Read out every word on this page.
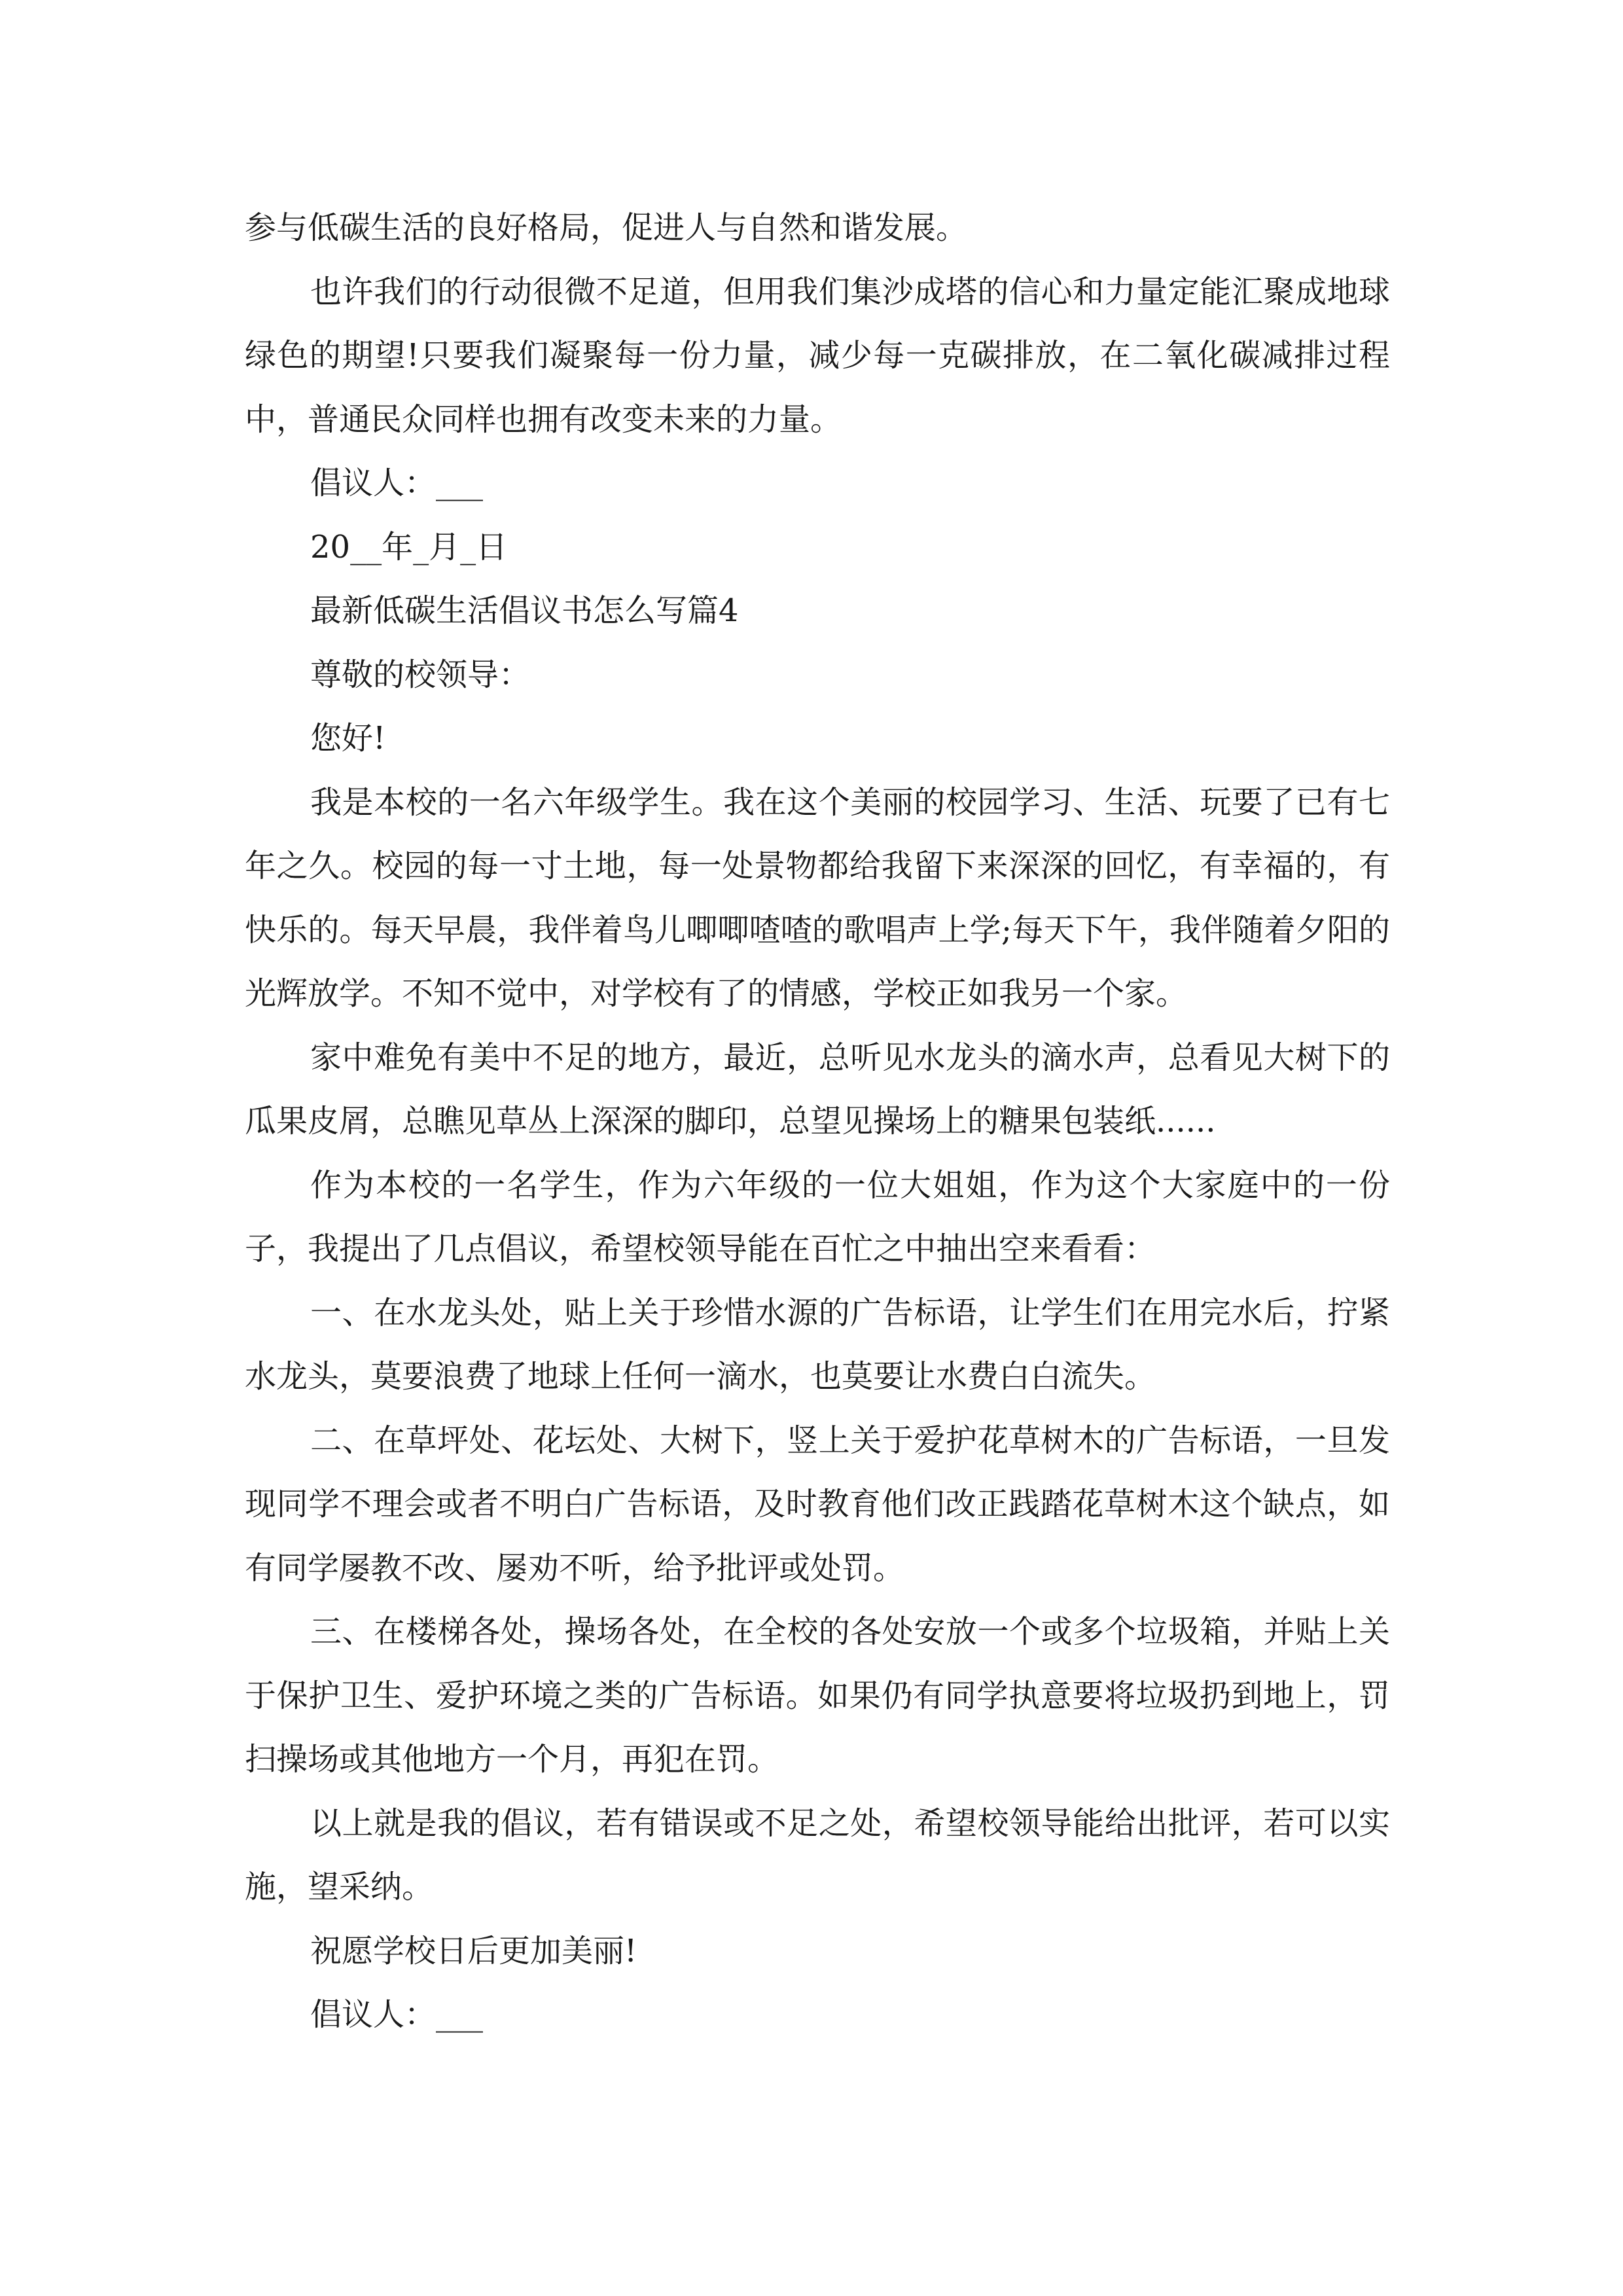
参与低碳生活的良好格局，促进人与自然和谐发展。

也许我们的行动很微不足道，但用我们集沙成塔的信心和力量定能汇聚成地球绿色的期望!只要我们凝聚每一份力量，减少每一克碳排放，在二氧化碳减排过程中，普通民众同样也拥有改变未来的力量。

倡议人：___

20__年_月_日

最新低碳生活倡议书怎么写篇4

尊敬的校领导：

您好!

我是本校的一名六年级学生。我在这个美丽的校园学习、生活、玩要了已有七年之久。校园的每一寸土地，每一处景物都给我留下来深深的回忆，有幸福的，有快乐的。每天早晨，我伴着鸟儿唧唧喳喳的歌唱声上学;每天下午，我伴随着夕阳的光辉放学。不知不觉中，对学校有了的情感，学校正如我另一个家。

家中难免有美中不足的地方，最近，总听见水龙头的滴水声，总看见大树下的瓜果皮屑，总瞧见草丛上深深的脚印，总望见操场上的糖果包装纸......

作为本校的一名学生，作为六年级的一位大姐姐，作为这个大家庭中的一份子，我提出了几点倡议，希望校领导能在百忙之中抽出空来看看：

一、在水龙头处，贴上关于珍惜水源的广告标语，让学生们在用完水后，拧紧水龙头，莫要浪费了地球上任何一滴水，也莫要让水费白白流失。

二、在草坪处、花坛处、大树下，竖上关于爱护花草树木的广告标语，一旦发现同学不理会或者不明白广告标语，及时教育他们改正践踏花草树木这个缺点，如有同学屡教不改、屡劝不听，给予批评或处罚。

三、在楼梯各处，操场各处，在全校的各处安放一个或多个垃圾箱，并贴上关于保护卫生、爱护环境之类的广告标语。如果仍有同学执意要将垃圾扔到地上，罚扫操场或其他地方一个月，再犯在罚。

以上就是我的倡议，若有错误或不足之处，希望校领导能给出批评，若可以实施，望采纳。

祝愿学校日后更加美丽!

倡议人：___
